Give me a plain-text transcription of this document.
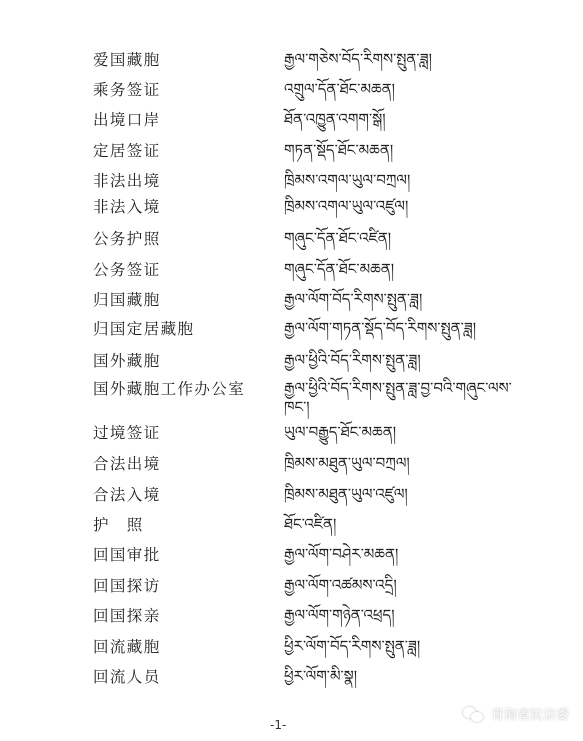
爱国藏胞	རྒྱལ་གཅེས་བོད་རིགས་སྤུན་ཟླ།
乘务签证	འགྲུལ་དོན་ཐོང་མཆན།
出境口岸	ཐོན་འཁྱུན་འགག་སྒོ།
定居签证	གཏན་སྡོད་ཐོང་མཆན།
非法出境	ཁྲིམས་འགལ་ཡུལ་བཀྲལ།
非法入境	ཁྲིམས་འགལ་ཡུལ་འཛུལ།
公务护照	གཞུང་དོན་ཐོང་འཛིན།
公务签证	གཞུང་དོན་ཐོང་མཆན།
归国藏胞	རྒྱལ་ལོག་བོད་རིགས་སྤུན་ཟླ།
归国定居藏胞	རྒྱལ་ལོག་གཏན་སྡོད་བོད་རིགས་སྤུན་ཟླ།
国外藏胞	རྒྱལ་ཕྱིའི་བོད་རིགས་སྤུན་ཟླ།
国外藏胞工作办公室	རྒྱལ་ཕྱིའི་བོད་རིགས་སྤུན་ཟླ་བྱ་བའི་གཞུང་ལས་ཁང་།
过境签证	ཡུལ་བརྒྱུད་ཐོང་མཆན།
合法出境	ཁྲིམས་མཐུན་ཡུལ་བཀྲལ།
合法入境	ཁྲིམས་མཐུན་ཡུལ་འཛུལ།
护　照	ཐོང་འཛིན།
回国审批	རྒྱལ་ལོག་བཤེར་མཆན།
回国探访	རྒྱལ་ལོག་འཚམས་འདྲི།
回国探亲	རྒྱལ་ལོག་གཉེན་འཕྲད།
回流藏胞	ཕྱིར་ལོག་བོད་རིགས་སྤུན་ཟླ།
回流人员	ཕྱིར་ལོག་མི་སྣ།
-1-
青海省民宗委
